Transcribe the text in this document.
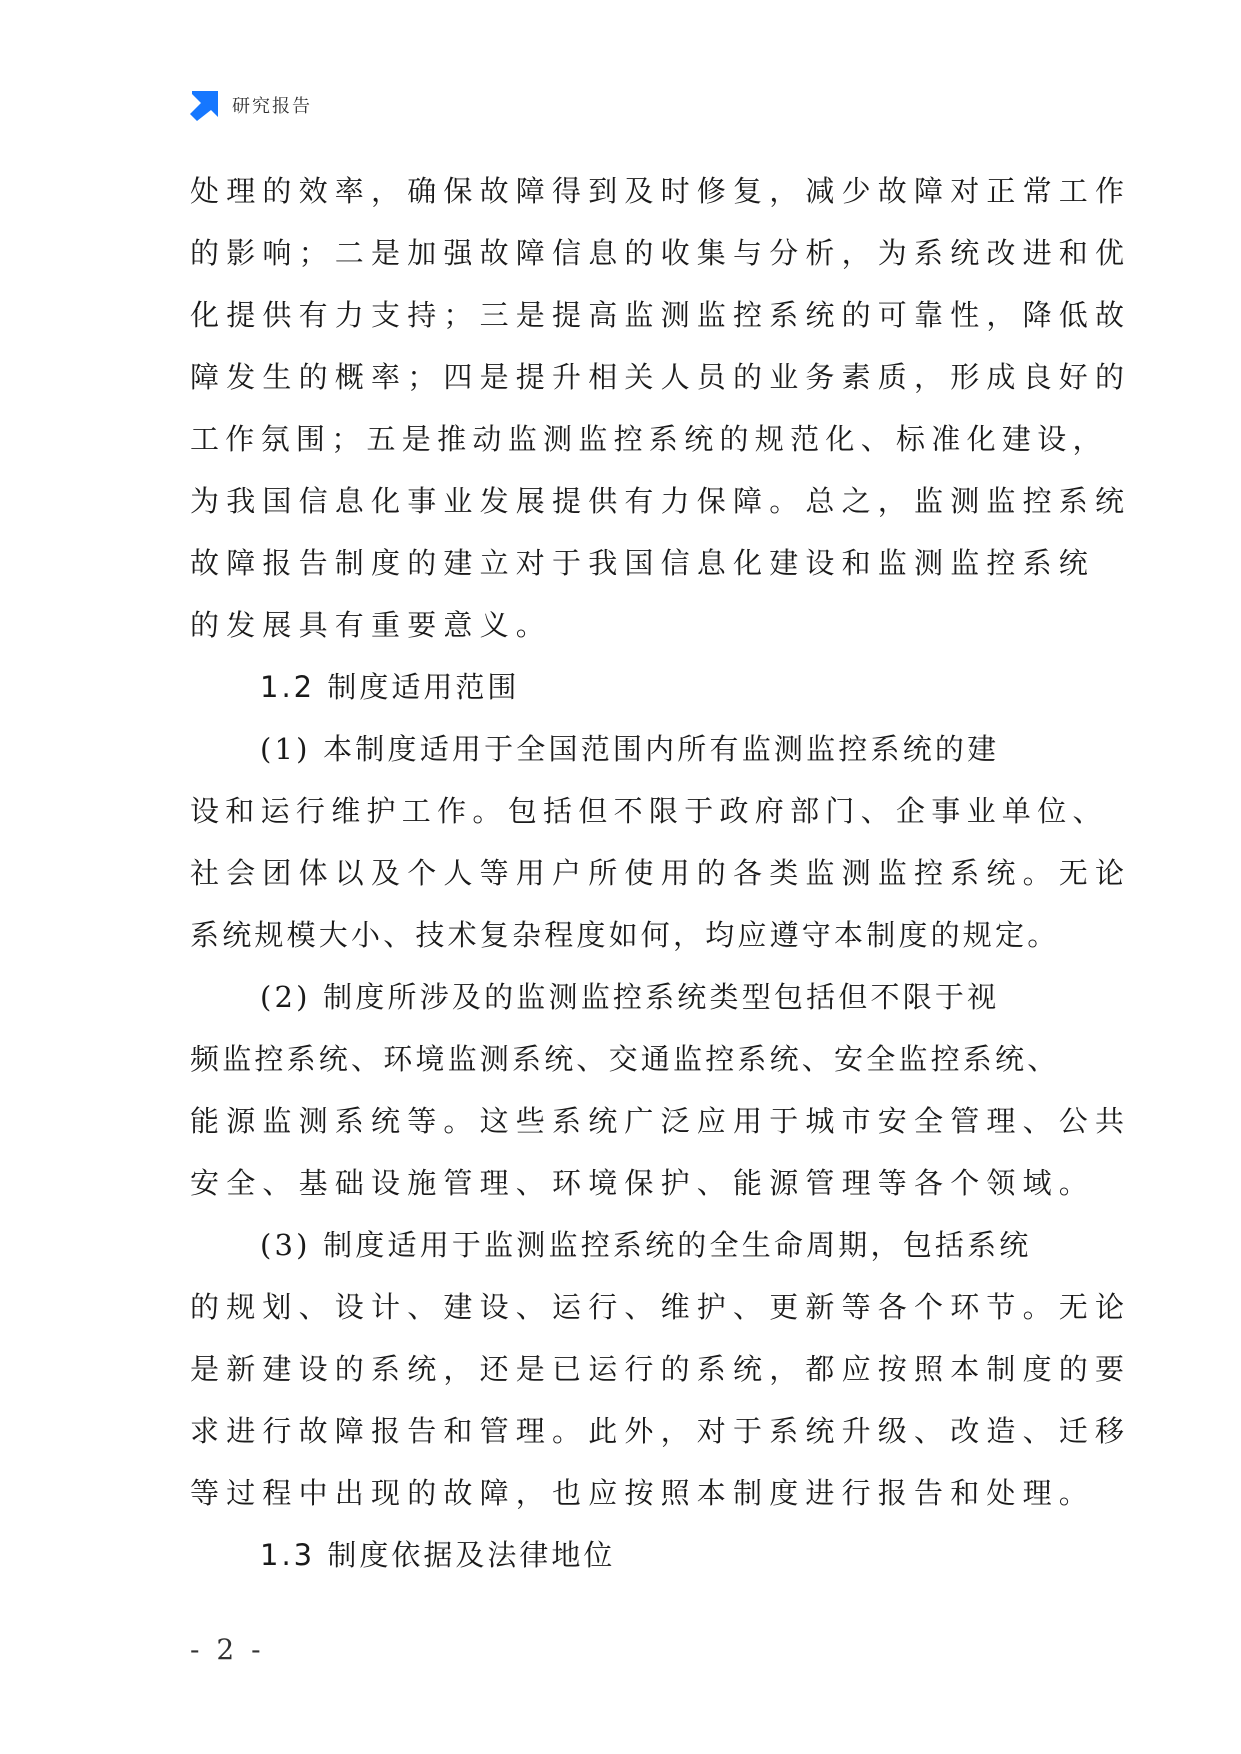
研究报告
处理的效率，确保故障得到及时修复，减少故障对正常工作
的影响；二是加强故障信息的收集与分析，为系统改进和优
化提供有力支持；三是提高监测监控系统的可靠性，降低故
障发生的概率；四是提升相关人员的业务素质，形成良好的
工作氛围；五是推动监测监控系统的规范化、标准化建设，
为我国信息化事业发展提供有力保障。总之，监测监控系统
故障报告制度的建立对于我国信息化建设和监测监控系统
的发展具有重要意义。
1.2 制度适用范围
(1) 本制度适用于全国范围内所有监测监控系统的建
设和运行维护工作。包括但不限于政府部门、企事业单位、
社会团体以及个人等用户所使用的各类监测监控系统。无论
系统规模大小、技术复杂程度如何，均应遵守本制度的规定。
(2) 制度所涉及的监测监控系统类型包括但不限于视
频监控系统、环境监测系统、交通监控系统、安全监控系统、
能源监测系统等。这些系统广泛应用于城市安全管理、公共
安全、基础设施管理、环境保护、能源管理等各个领域。
(3) 制度适用于监测监控系统的全生命周期，包括系统
的规划、设计、建设、运行、维护、更新等各个环节。无论
是新建设的系统，还是已运行的系统，都应按照本制度的要
求进行故障报告和管理。此外，对于系统升级、改造、迁移
等过程中出现的故障，也应按照本制度进行报告和处理。
1.3 制度依据及法律地位
- 2 -
